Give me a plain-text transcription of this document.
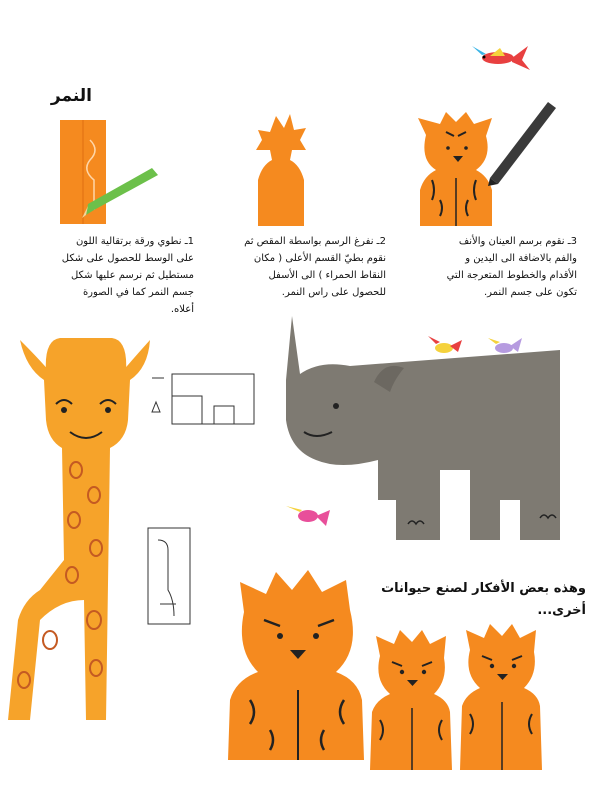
النمر
1ـ نطوي ورقة برتقالية اللون
على الوسط للحصول على شكل
مستطيل ثم نرسم عليها شكل
جسم النمر كما في الصورة
أعلاه.
2ـ نفرغ الرسم بواسطة المقص ثم
نقوم بطيّ القسم الأعلى ( مكان
النقاط الحمراء ) الى الأسفل
للحصول على راس النمر.
3ـ نقوم برسم العينان والأنف
والفم بالاضافة الى اليدين و
الأقدام والخطوط المتعرجة التي
تكون على جسم النمر.
وهذه بعض الأفكار لصنع حيوانات
أخرى...
